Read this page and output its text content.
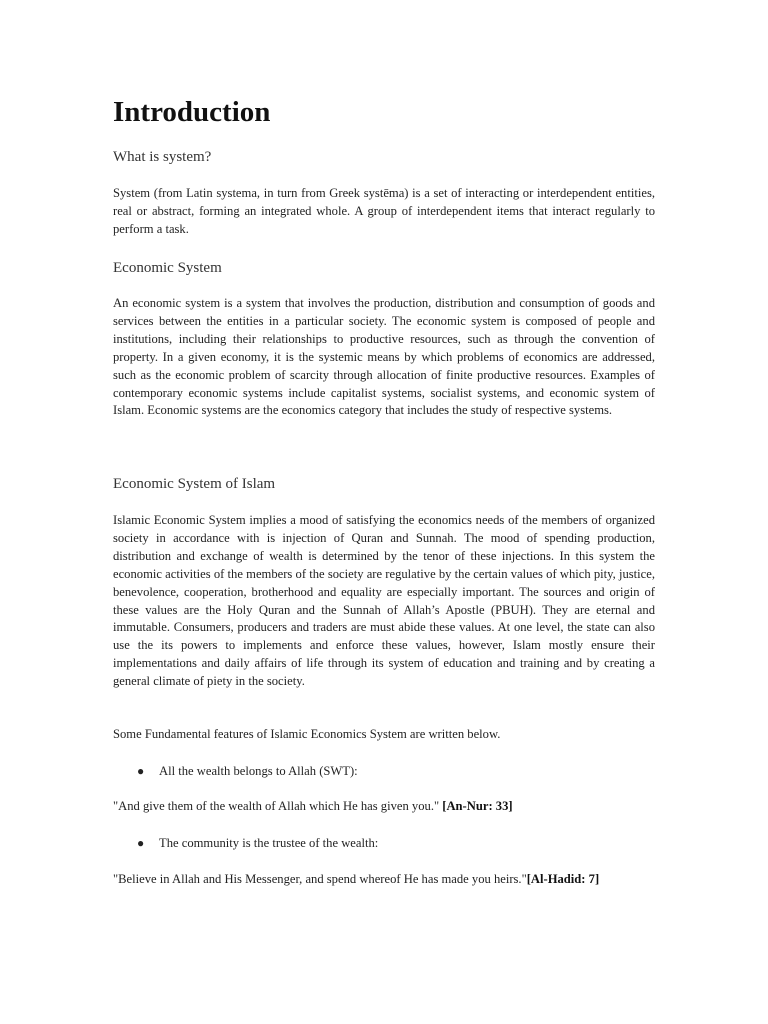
Introduction
What is system?

System (from Latin systema, in turn from Greek systēma) is a set of interacting or interdependent entities, real or abstract, forming an integrated whole. A group of interdependent items that interact regularly to perform a task.

Economic System

An economic system is a system that involves the production, distribution and consumption of goods and services between the entities in a particular society. The economic system is composed of people and institutions, including their relationships to productive resources, such as through the convention of property. In a given economy, it is the systemic means by which problems of economics are addressed, such as the economic problem of scarcity through allocation of finite productive resources. Examples of contemporary economic systems include capitalist systems, socialist systems, and economic system of Islam. Economic systems are the economics category that includes the study of respective systems.

Economic System of Islam

Islamic Economic System implies a mood of satisfying the economics needs of the members of organized society in accordance with is injection of Quran and Sunnah. The mood of spending production, distribution and exchange of wealth is determined by the tenor of these injections. In this system the economic activities of the members of the society are regulative by the certain values of which pity, justice, benevolence, cooperation, brotherhood and equality are especially important. The sources and origin of these values are the Holy Quran and the Sunnah of Allah’s Apostle (PBUH). They are eternal and immutable. Consumers, producers and traders are must abide these values. At one level, the state can also use the its powers to implements and enforce these values, however, Islam mostly ensure their implementations and daily affairs of life through its system of education and training and by creating a general climate of piety in the society.

Some Fundamental features of Islamic Economics System are written below.

● All the wealth belongs to Allah (SWT):

"And give them of the wealth of Allah which He has given you." [An-Nur: 33]

● The community is the trustee of the wealth:

"Believe in Allah and His Messenger, and spend whereof He has made you heirs."[Al-Hadid: 7]
